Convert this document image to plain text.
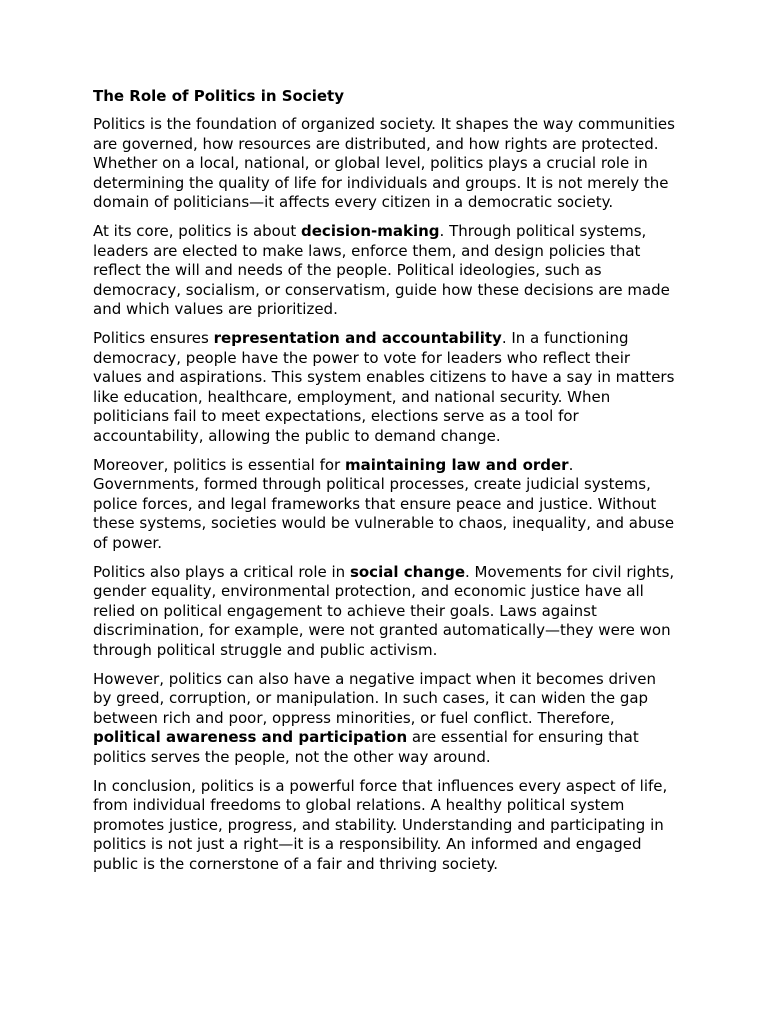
The Role of Politics in Society

Politics is the foundation of organized society. It shapes the way communities are governed, how resources are distributed, and how rights are protected. Whether on a local, national, or global level, politics plays a crucial role in determining the quality of life for individuals and groups. It is not merely the domain of politicians—it affects every citizen in a democratic society.

At its core, politics is about decision-making. Through political systems, leaders are elected to make laws, enforce them, and design policies that reflect the will and needs of the people. Political ideologies, such as democracy, socialism, or conservatism, guide how these decisions are made and which values are prioritized.

Politics ensures representation and accountability. In a functioning democracy, people have the power to vote for leaders who reflect their values and aspirations. This system enables citizens to have a say in matters like education, healthcare, employment, and national security. When politicians fail to meet expectations, elections serve as a tool for accountability, allowing the public to demand change.

Moreover, politics is essential for maintaining law and order. Governments, formed through political processes, create judicial systems, police forces, and legal frameworks that ensure peace and justice. Without these systems, societies would be vulnerable to chaos, inequality, and abuse of power.

Politics also plays a critical role in social change. Movements for civil rights, gender equality, environmental protection, and economic justice have all relied on political engagement to achieve their goals. Laws against discrimination, for example, were not granted automatically—they were won through political struggle and public activism.

However, politics can also have a negative impact when it becomes driven by greed, corruption, or manipulation. In such cases, it can widen the gap between rich and poor, oppress minorities, or fuel conflict. Therefore, political awareness and participation are essential for ensuring that politics serves the people, not the other way around.

In conclusion, politics is a powerful force that influences every aspect of life, from individual freedoms to global relations. A healthy political system promotes justice, progress, and stability. Understanding and participating in politics is not just a right—it is a responsibility. An informed and engaged public is the cornerstone of a fair and thriving society.
